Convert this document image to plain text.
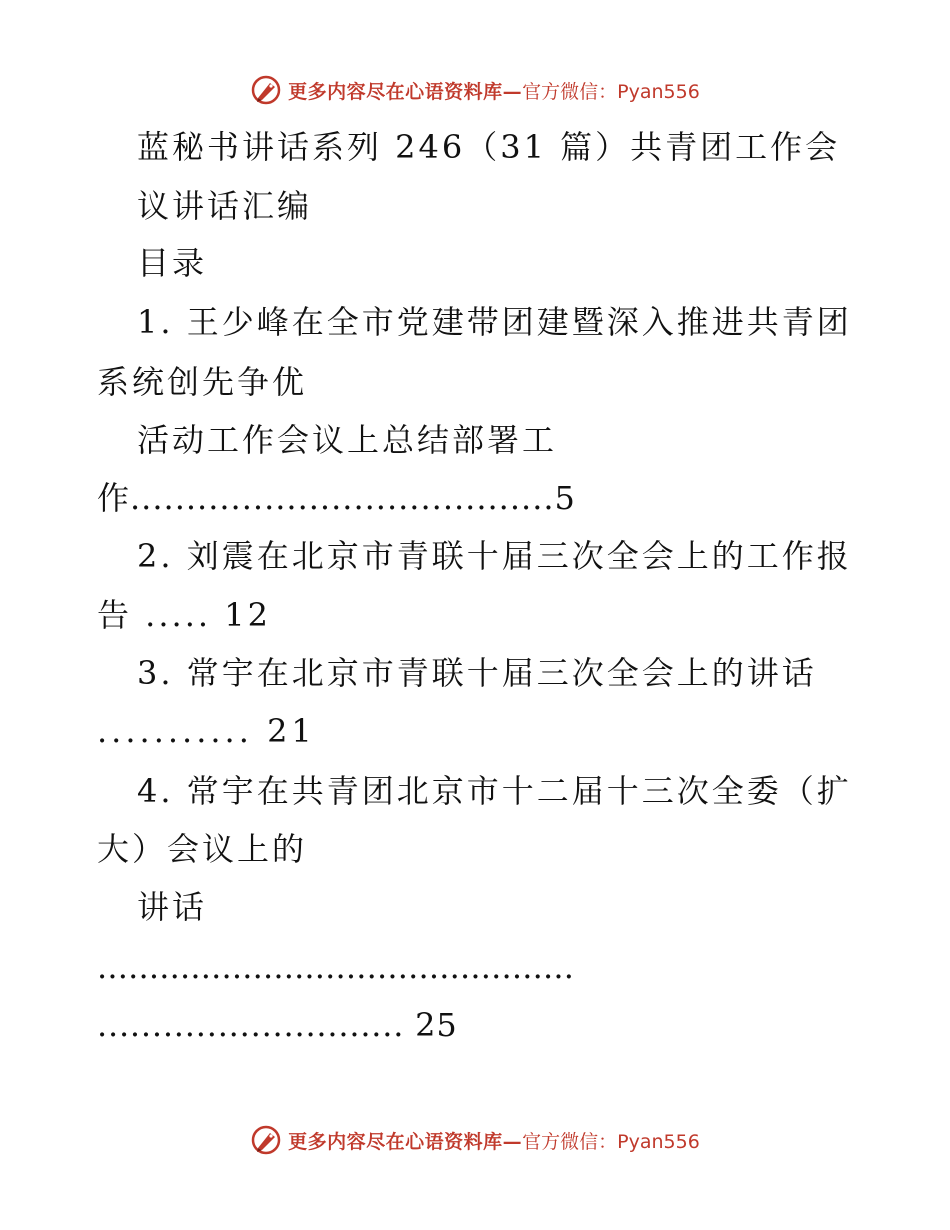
更多内容尽在心语资料库— 官方微信：Pyan556
蓝秘书讲话系列 246（31 篇）共青团工作会
议讲话汇编
目录
1. 王少峰在全市党建带团建暨深入推进共青团
系统创先争优
活动工作会议上总结部署工
作......................................5
2. 刘震在北京市青联十届三次全会上的工作报
告 ..... 12
3. 常宇在北京市青联十届三次全会上的讲话
........... 21
4. 常宇在共青团北京市十二届十三次全委（扩
大）会议上的
讲话
..............................................
............................ 25
更多内容尽在心语资料库— 官方微信：Pyan556
